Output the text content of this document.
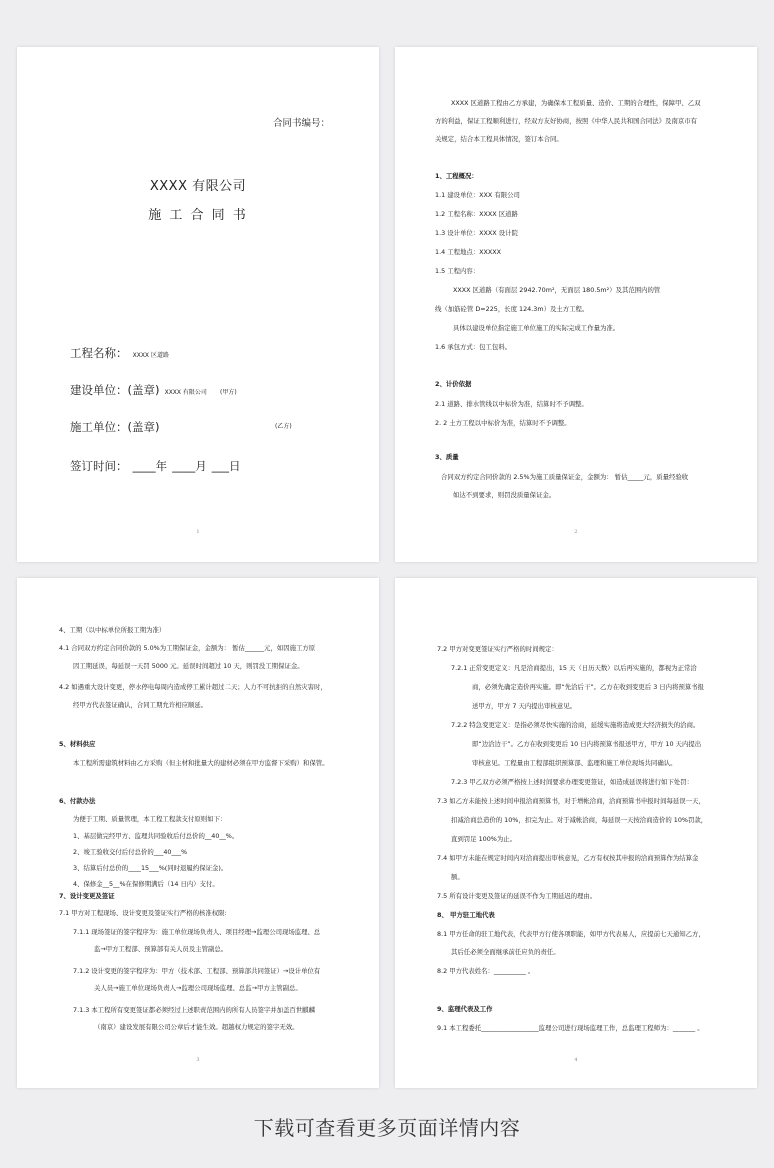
合同书编号：
XXXX 有限公司
施 工 合 同 书
工程名称： XXXX 区道路
建设单位：(盖章) XXXX 有限公司 (甲方)
施工单位：(盖章)	(乙方)
签订时间： ____年 ____月 ___日
1
XXXX 区道路工程由乙方承建，为确保本工程质量、造价、工期的合理性，保障甲、乙双
方的利益，保证工程顺利进行，经双方友好协商，按照《中华人民共和国合同法》及南京市有
关规定，结合本工程具体情况，签订本合同。
1、工程概况：
1.1 建设单位：XXX 有限公司
1.2 工程名称：XXXX 区道路
1.3 设计单位：XXXX 设计院
1.4 工程地点：XXXXX
1.5 工程内容：
XXXX 区道路（有面层 2942.70m²，无面层 180.5m²）及其范围内的管
线（加筋砼管 D=225，长度 124.3m）及土方工程。
具体以建设单位指定施工单位施工的实际完成工作量为准。
1.6 承包方式：包工包料。
2、计价依据
2.1 道路、排水管线以中标价为准，结算时不予调整。
2. 2 土方工程以中标价为准，结算时不予调整。
3、质量
合同双方约定合同价款的 2.5%为施工质量保证金，金额为： 暂估_____元，质量经验收
如达不到要求，则罚没质量保证金。
2
4、工期（以中标单位所报工期为准）
4.1 合同双方约定合同价款的 5.0%为工期保证金，金额为： 暂估______元，如因施工方原
因工期延误，每延误一天罚 5000 元。延误时间超过 10 天，则罚没工期保证金。
4.2 如遇重大设计变更，停水停电每周内造成停工累计超过二天；人力不可抗拒的自然灾害时，
经甲方代表签证确认，合同工期允许相应顺延。
5、材料供应
本工程所需建筑材料由乙方采购（但主材和批量大的建材必须在甲方监督下采购）和保管。
6、付款办法
为便于工期、质量管理，本工程工程款支付原则如下：
1、基层做完经甲方、监理共同验收后付总价的__40__%。
2、竣工验收交付后付总价的___40___%
3、结算后付总价的____15___%(同时退履约保证金)。
4、保修金__5__%在保修期满后（14 日内）支付。
7、设计变更及签证
7.1 甲方对工程现场、设计变更及签证实行严格的核准权限:
7.1.1 现场签证的签字程序为：施工单位现场负责人、项目经理→监理公司现场监理、总
监→甲方工程部、预算部有关人员及主管副总。
7.1.2 设计变更的签字程序为：甲方（技术部、工程部、预算部共同签证）→设计单位有
关人员→施工单位现场负责人→监理公司现场监理、总监→甲方主管副总。
7.1.3 本工程所有变更签证都必须经过上述职责范围内的所有人员签字并加盖百世麒麟
（南京）建设发展有限公司公章后才能生效。超越权力规定的签字无效。
3
7.2 甲方对变更签证实行严格的时间规定：
7.2.1 正常变更定义：凡是洽商提出，15 天（日历天数）以后再实施的，都视为正常洽
商，必须先确定造价再实施。即“先洽后干”。乙方在收到变更后 3 日内将预算书报
送甲方，甲方 7 天内提出审核意见。
7.2.2 特急变更定义：是指必须尽快实施的洽商，延缓实施将造成更大经济损失的洽商。
即“边洽边干”。乙方在收到变更后 10 日内将预算书报送甲方，甲方 10 天内提出
审核意见。工程量由工程部组织预算部、监理和施工单位现场共同确认。
7.2.3 甲乙双方必须严格按上述时间要求办理变更签证，如造成延误将进行如下处罚：
7.3 如乙方未能按上述时间申报洽商预算书，对于增帐洽商，洽商预算书申报时间每延误一天，
扣减洽商总造价的 10%，扣完为止。对于减帐洽商，每延误一天按洽商造价的 10%罚款，
直到罚足 100%为止。
7.4 如甲方未能在规定时间内对洽商提出审核意见，乙方有权按其申报的洽商预算作为结算金
额。
7.5 所有设计变更及签证的延误不作为工期延迟的理由。
8、 甲方驻工地代表
8.1 甲方任命的驻工地代表，代表甲方行使各项职能，如甲方代表易人，应提前七天通知乙方，
其后任必须全面继承前任应负的责任。
8.2 甲方代表姓名：__________ 。
9、监理代表及工作
9.1 本工程委托__________________监理公司进行现场监理工作，总监理工程师为：_______ 。
4
下载可查看更多页面详情内容
